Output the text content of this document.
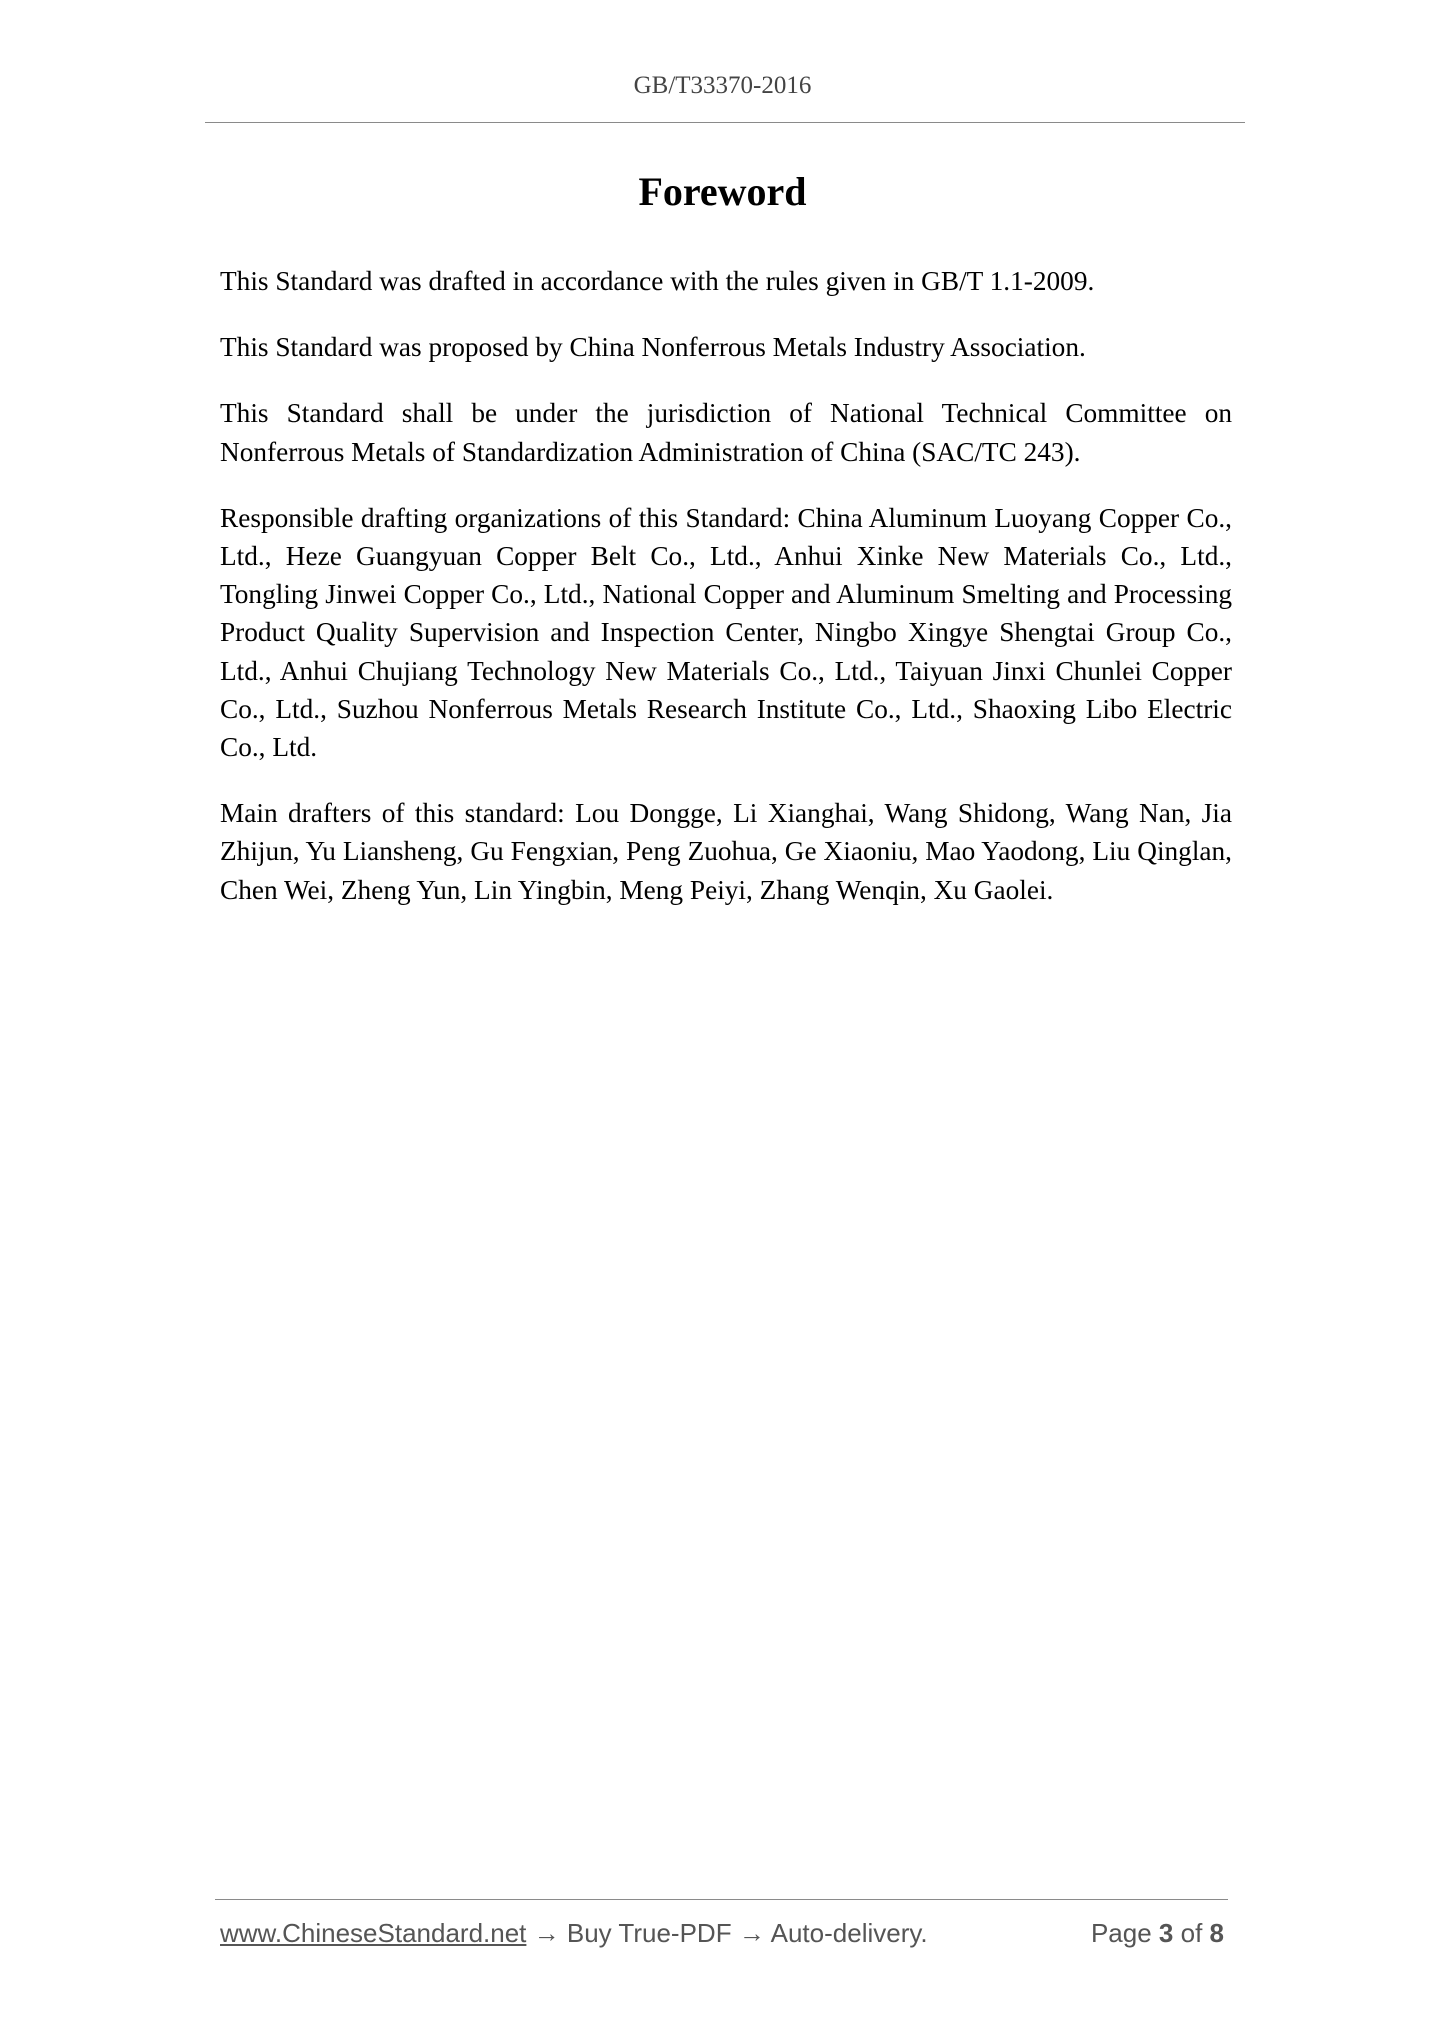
GB/T33370-2016
Foreword

This Standard was drafted in accordance with the rules given in GB/T 1.1-2009.

This Standard was proposed by China Nonferrous Metals Industry Association.

This Standard shall be under the jurisdiction of National Technical Committee on Nonferrous Metals of Standardization Administration of China (SAC/TC 243).

Responsible drafting organizations of this Standard: China Aluminum Luoyang Copper Co., Ltd., Heze Guangyuan Copper Belt Co., Ltd., Anhui Xinke New Materials Co., Ltd., Tongling Jinwei Copper Co., Ltd., National Copper and Aluminum Smelting and Processing Product Quality Supervision and Inspection Center, Ningbo Xingye Shengtai Group Co., Ltd., Anhui Chujiang Technology New Materials Co., Ltd., Taiyuan Jinxi Chunlei Copper Co., Ltd., Suzhou Nonferrous Metals Research Institute Co., Ltd., Shaoxing Libo Electric Co., Ltd.

Main drafters of this standard: Lou Dongge, Li Xianghai, Wang Shidong, Wang Nan, Jia Zhijun, Yu Liansheng, Gu Fengxian, Peng Zuohua, Ge Xiaoniu, Mao Yaodong, Liu Qinglan, Chen Wei, Zheng Yun, Lin Yingbin, Meng Peiyi, Zhang Wenqin, Xu Gaolei.

www.ChineseStandard.net → Buy True-PDF → Auto-delivery.	Page 3 of 8
